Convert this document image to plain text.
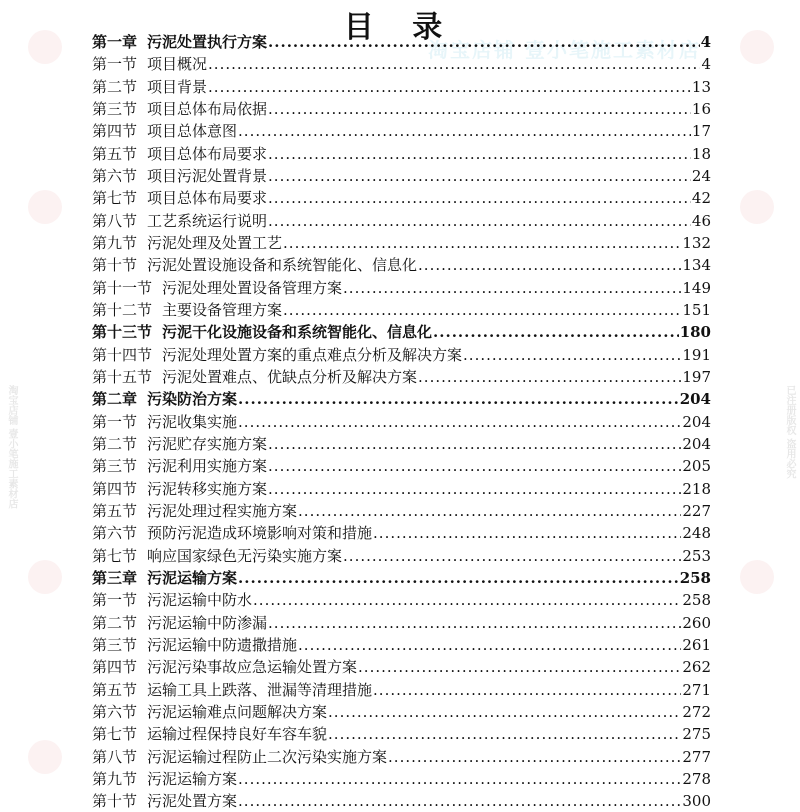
淘宝店铺 壹小笔施工素材店
淘宝店铺 壹小笔施工素材店	已注册版权 盗用必究
目 录
第一章 污泥处置执行方案 .....	4
第一节 项目概况 .....	4
第二节 项目背景 .....	13
第三节 项目总体布局依据 .....	16
第四节 项目总体意图 .....	17
第五节 项目总体布局要求 .....	18
第六节 项目污泥处置背景 .....	24
第七节 项目总体布局要求 .....	42
第八节 工艺系统运行说明 .....	46
第九节 污泥处理及处置工艺 .....	132
第十节 污泥处置设施设备和系统智能化、信息化 .....	134
第十一节 污泥处理处置设备管理方案 .....	149
第十二节 主要设备管理方案 .....	151
第十三节 污泥干化设施设备和系统智能化、信息化 .....	180
第十四节 污泥处理处置方案的重点难点分析及解决方案 .....	191
第十五节 污泥处置难点、优缺点分析及解决方案 .....	197
第二章 污染防治方案 .....	204
第一节 污泥收集实施 .....	204
第二节 污泥贮存实施方案 .....	204
第三节 污泥利用实施方案 .....	205
第四节 污泥转移实施方案 .....	218
第五节 污泥处理过程实施方案 .....	227
第六节 预防污泥造成环境影响对策和措施 .....	248
第七节 响应国家绿色无污染实施方案 .....	253
第三章 污泥运输方案 .....	258
第一节 污泥运输中防水 .....	258
第二节 污泥运输中防渗漏 .....	260
第三节 污泥运输中防遗撒措施 .....	261
第四节 污泥污染事故应急运输处置方案 .....	262
第五节 运输工具上跌落、泄漏等清理措施 .....	271
第六节 污泥运输难点问题解决方案 .....	272
第七节 运输过程保持良好车容车貌 .....	275
第八节 污泥运输过程防止二次污染实施方案 .....	277
第九节 污泥运输方案 .....	278
第十节 污泥处置方案 .....	300
